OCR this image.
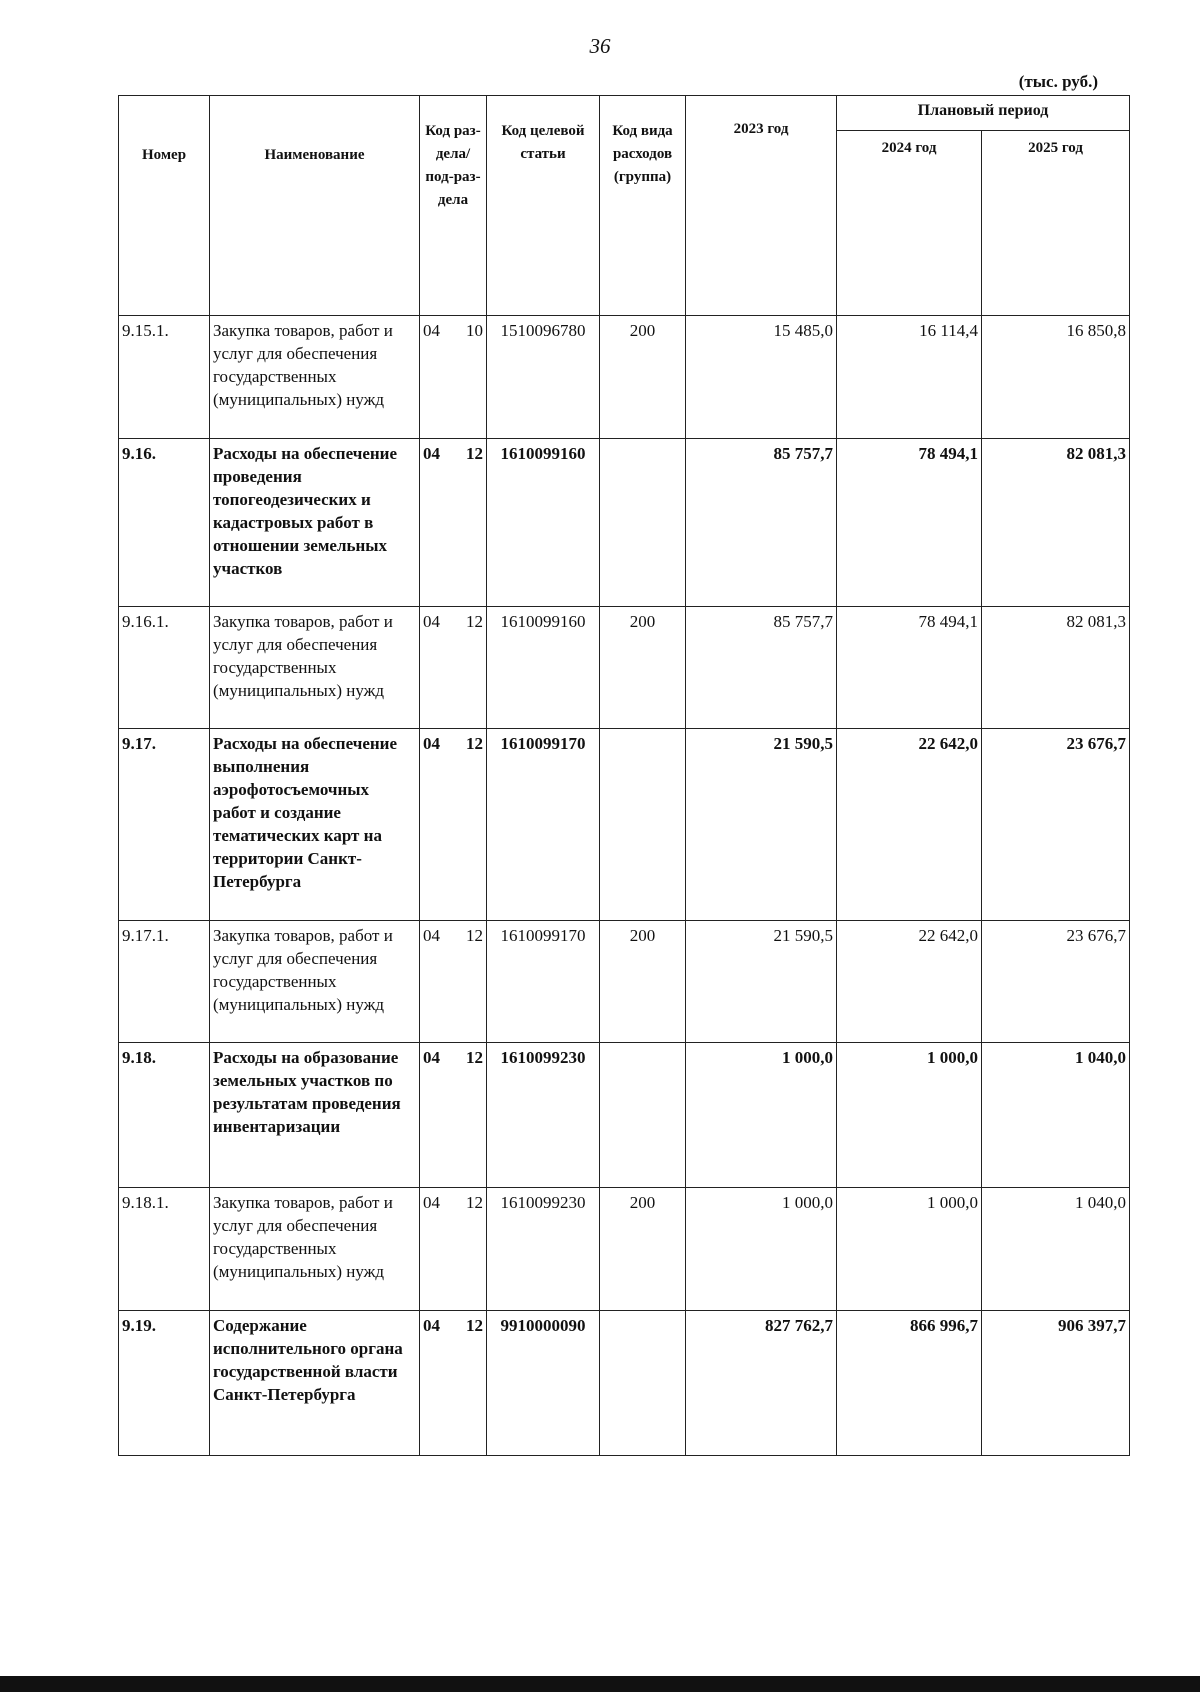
36
(тыс. руб.)
Номер	Наименование	Код раз-дела/ под-раз-дела	Код целевой статьи	Код вида расходов (группа)	2023 год	Плановый период	
						2024 год	2025 год
9.15.1.	Закупка товаров, работ и услуг для обеспечения государственных (муниципальных) нужд	04 10	1510096780	200	15 485,0	16 114,4	16 850,8
9.16.	Расходы на обеспечение проведения топогеодезических и кадастровых работ в отношении земельных участков	04 12	1610099160		85 757,7	78 494,1	82 081,3
9.16.1.	Закупка товаров, работ и услуг для обеспечения государственных (муниципальных) нужд	04 12	1610099160	200	85 757,7	78 494,1	82 081,3
9.17.	Расходы на обеспечение выполнения аэрофотосъемочных работ и создание тематических карт на территории Санкт-Петербурга	04 12	1610099170		21 590,5	22 642,0	23 676,7
9.17.1.	Закупка товаров, работ и услуг для обеспечения государственных (муниципальных) нужд	04 12	1610099170	200	21 590,5	22 642,0	23 676,7
9.18.	Расходы на образование земельных участков по результатам проведения инвентаризации	04 12	1610099230		1 000,0	1 000,0	1 040,0
9.18.1.	Закупка товаров, работ и услуг для обеспечения государственных (муниципальных) нужд	04 12	1610099230	200	1 000,0	1 000,0	1 040,0
9.19.	Содержание исполнительного органа государственной власти Санкт-Петербурга	04 12	9910000090		827 762,7	866 996,7	906 397,7
